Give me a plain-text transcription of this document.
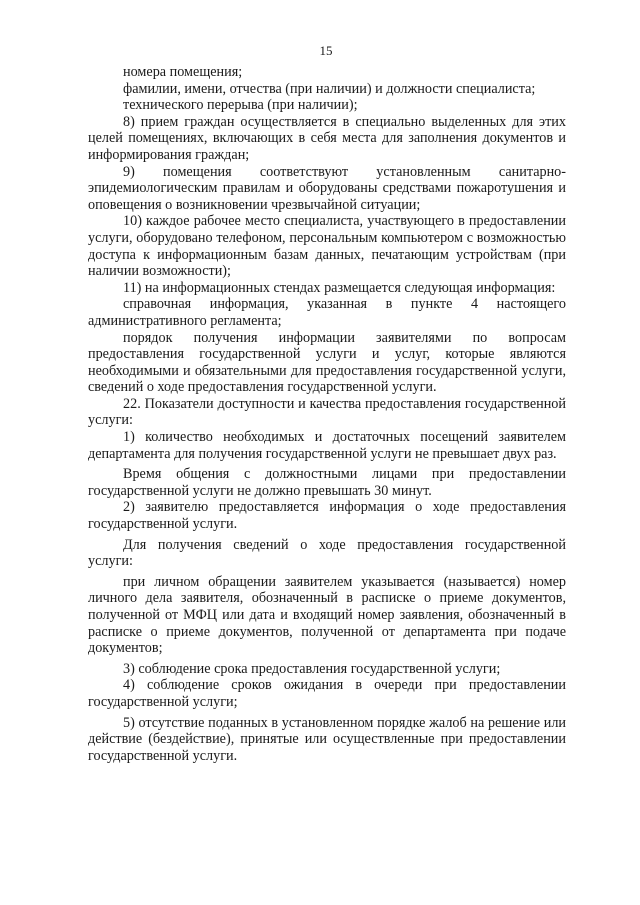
15

номера помещения;

фамилии, имени, отчества (при наличии) и должности специалиста;

технического перерыва (при наличии);

8) прием граждан осуществляется в специально выделенных для этих целей помещениях, включающих в себя места для заполнения документов и информирования граждан;

9) помещения соответствуют установленным санитарно-эпидемиологическим правилам и оборудованы средствами пожаротушения и оповещения о возникновении чрезвычайной ситуации;

10) каждое рабочее место специалиста, участвующего в предоставлении услуги, оборудовано телефоном, персональным компьютером с возможностью доступа к информационным базам данных, печатающим устройствам (при наличии возможности);

11) на информационных стендах размещается следующая информация:

справочная информация, указанная в пункте 4 настоящего административного регламента;

порядок получения информации заявителями по вопросам предоставления государственной услуги и услуг, которые являются необходимыми и обязательными для предоставления государственной услуги, сведений о ходе предоставления государственной услуги.

22. Показатели доступности и качества предоставления государственной услуги:

1) количество необходимых и достаточных посещений заявителем департамента для получения государственной услуги не превышает двух раз.

Время общения с должностными лицами при предоставлении государственной услуги не должно превышать 30 минут.

2) заявителю предоставляется информация о ходе предоставления государственной услуги.

Для получения сведений о ходе предоставления государственной услуги:

при личном обращении заявителем указывается (называется) номер личного дела заявителя, обозначенный в расписке о приеме документов, полученной от МФЦ или дата и входящий номер заявления, обозначенный в расписке о приеме документов, полученной от департамента при подаче документов;

3) соблюдение срока предоставления государственной услуги;

4) соблюдение сроков ожидания в очереди при предоставлении государственной услуги;

5) отсутствие поданных в установленном порядке жалоб на решение или действие (бездействие), принятые или осуществленные при предоставлении государственной услуги.
